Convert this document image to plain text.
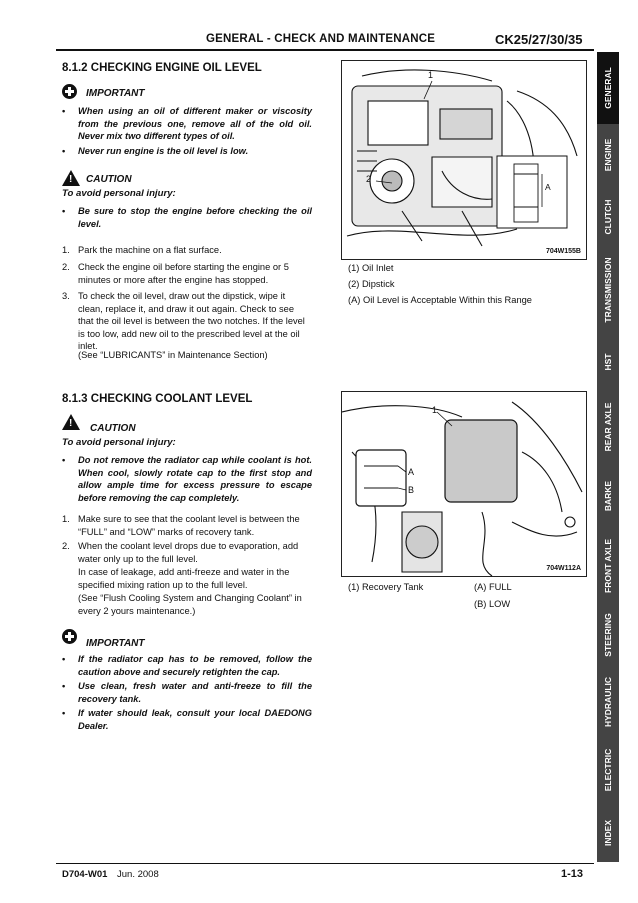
GENERAL - CHECK AND MAINTENANCE	CK25/27/30/35
8.1.2 CHECKING ENGINE OIL LEVEL
IMPORTANT
• When using an oil of different maker or viscosity from the previous one, remove all of the old oil. Never mix two different types of oil.
• Never run engine is the oil level is low.
! CAUTION
To avoid personal injury:
• Be sure to stop the engine before checking the oil level.
1. Park the machine on a flat surface.
2. Check the engine oil before starting the engine or 5 minutes or more after the engine has stopped.
3. To check the oil level, draw out the dipstick, wipe it clean, replace it, and draw it out again. Check to see that the oil level is between the two notches. If the level is too low, add new oil to the prescribed level at the oil inlet.
(See “LUBRICANTS” in Maintenance Section)
1
2
A
704W155B
(1) Oil Inlet
(2) Dipstick
(A) Oil Level is Acceptable Within this Range
8.1.3 CHECKING COOLANT LEVEL
! CAUTION
To avoid personal injury:
• Do not remove the radiator cap while coolant is hot. When cool, slowly rotate cap to the first stop and allow ample time for excess pressure to escape before removing the cap completely.
1. Make sure to see that the coolant level is between the “FULL” and “LOW” marks of recovery tank.
2. When the coolant level drops due to evaporation, add water only up to the full level.
In case of leakage, add anti-freeze and water in the specified mixing ration up to the full level.
(See “Flush Cooling System and Changing Coolant” in every 2 yours maintenance.)
IMPORTANT
• If the radiator cap has to be removed, follow the caution above and securely retighten the cap.
• Use clean, fresh water and anti-freeze to fill the recovery tank.
• If water should leak, consult your local DAEDONG Dealer.
1
A
B
704W112A
(1) Recovery Tank	(A) FULL
(B) LOW
GENERAL
ENGINE
CLUTCH
TRANSMISSION
HST
REAR AXLE
BARKE
FRONT AXLE
STEERING
HYDRAULIC
ELECTRIC
INDEX
D704-W01 Jun. 2008	1-13
